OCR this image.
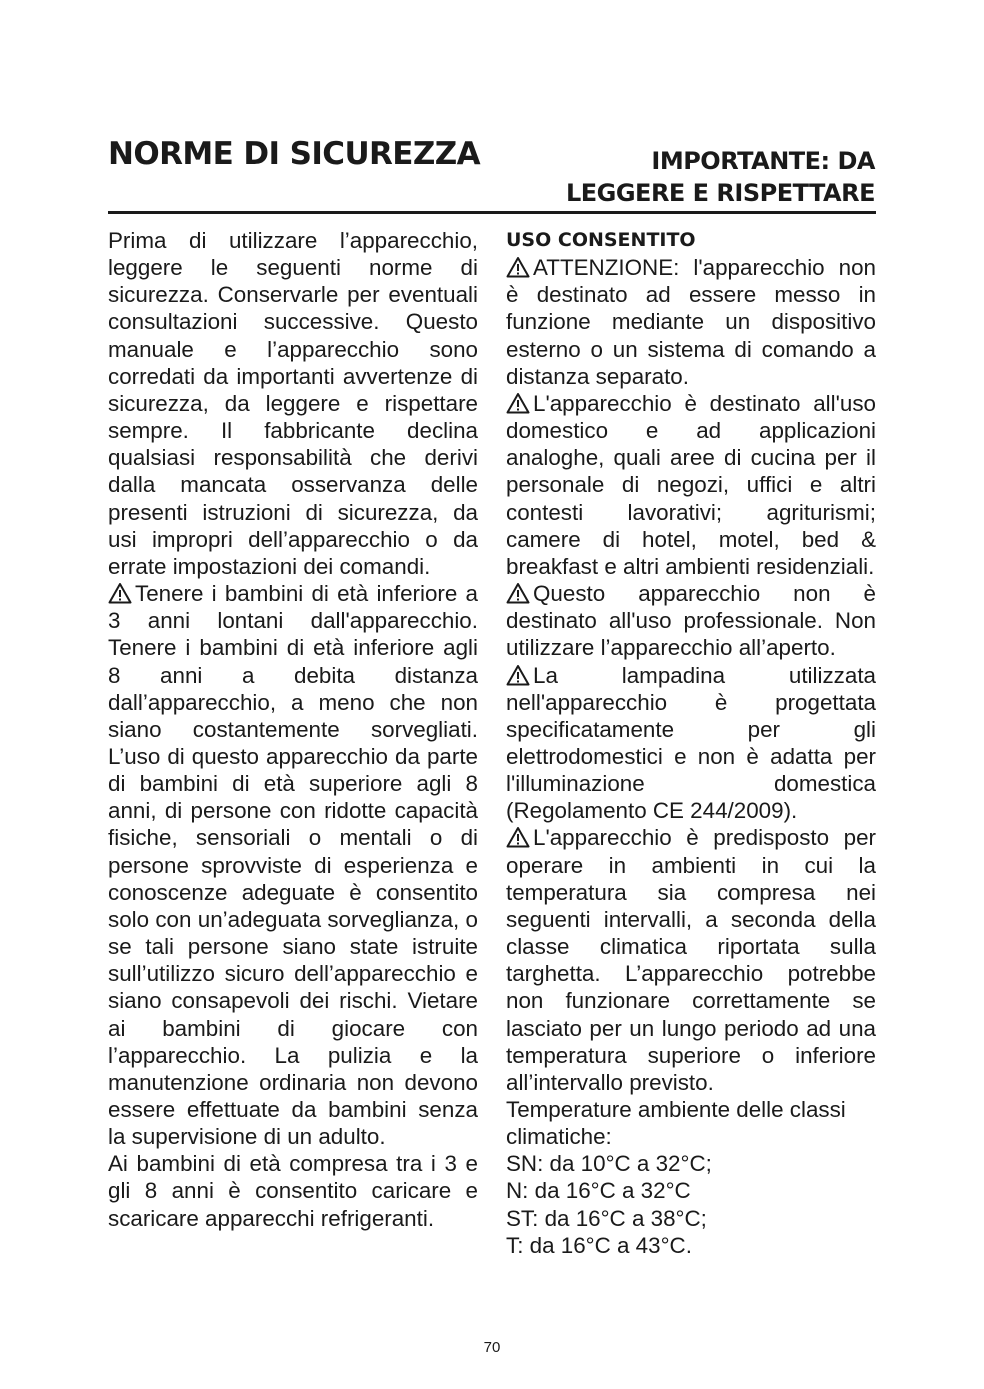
NORME DI SICUREZZA	IMPORTANTE: DA
LEGGERE E RISPETTARE

Prima di utilizzare l’apparecchio, leggere le seguenti norme di sicurezza. Conservarle per eventuali consultazioni successive. Questo manuale e l’apparecchio sono corredati da importanti avvertenze di sicurezza, da leggere e rispettare sempre. Il fabbricante declina qualsiasi responsabilità che derivi dalla mancata osservanza delle presenti istruzioni di sicurezza, da usi impropri dell’apparecchio o da errate impostazioni dei comandi.

Tenere i bambini di età inferiore a 3 anni lontani dall'apparecchio. Tenere i bambini di età inferiore agli 8 anni a debita distanza dall’apparecchio, a meno che non siano costantemente sorvegliati. L’uso di questo apparecchio da parte di bambini di età superiore agli 8 anni, di persone con ridotte capacità fisiche, sensoriali o mentali o di persone sprovviste di esperienza e conoscenze adeguate è consentito solo con un’adeguata sorveglianza, o se tali persone siano state istruite sull’utilizzo sicuro dell’apparecchio e siano consapevoli dei rischi. Vietare ai bambini di giocare con l’apparecchio. La pulizia e la manutenzione ordinaria non devono essere effettuate da bambini senza la supervisione di un adulto.

Ai bambini di età compresa tra i 3 e gli 8 anni è consentito caricare e scaricare apparecchi refrigeranti.

USO CONSENTITO

ATTENZIONE: l'apparecchio non è destinato ad essere messo in funzione mediante un dispositivo esterno o un sistema di comando a distanza separato.

L'apparecchio è destinato all'uso domestico e ad applicazioni analoghe, quali aree di cucina per il personale di negozi, uffici e altri contesti lavorativi; agriturismi; camere di hotel, motel, bed & breakfast e altri ambienti residenziali.

Questo apparecchio non è destinato all'uso professionale. Non utilizzare l’apparecchio all’aperto.

La lampadina utilizzata nell'apparecchio è progettata specificatamente per gli elettrodomestici e non è adatta per l'illuminazione domestica (Regolamento CE 244/2009).

L'apparecchio è predisposto per operare in ambienti in cui la temperatura sia compresa nei seguenti intervalli, a seconda della classe climatica riportata sulla targhetta. L’apparecchio potrebbe non funzionare correttamente se lasciato per un lungo periodo ad una temperatura superiore o inferiore all’intervallo previsto.

Temperature ambiente delle classi climatiche:

SN: da 10°C a 32°C;
N: da 16°C a 32°C
ST: da 16°C a 38°C;
T: da 16°C a 43°C.
70
